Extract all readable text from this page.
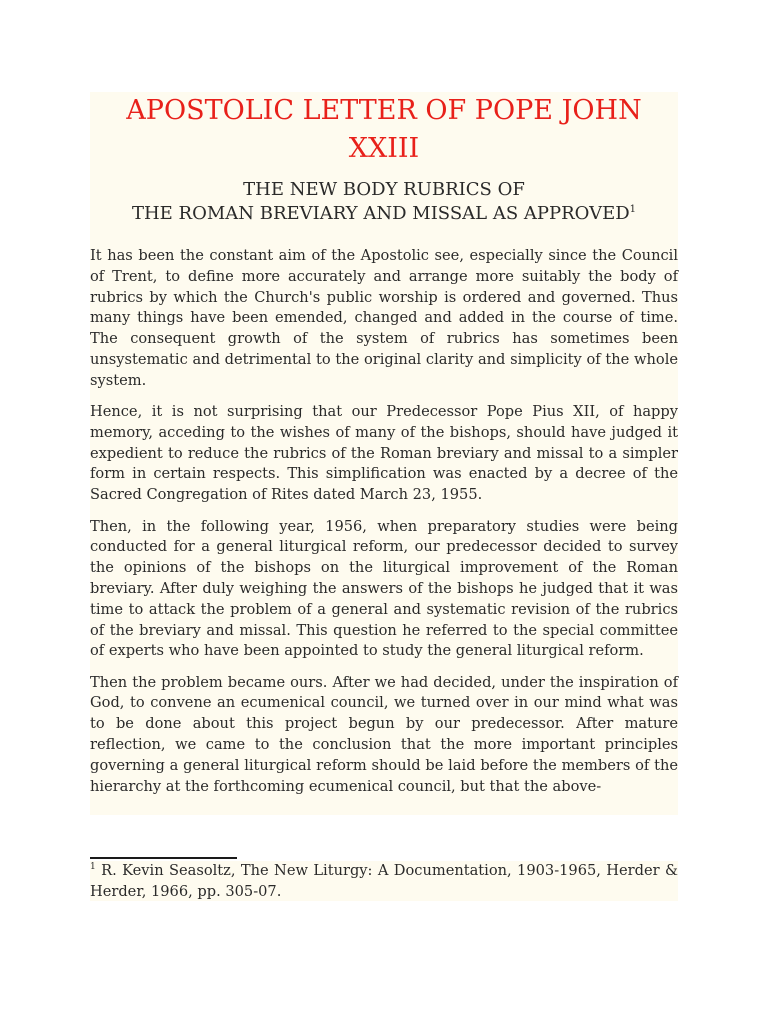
APOSTOLIC LETTER OF POPE JOHN XXIII
THE NEW BODY RUBRICS OF
THE ROMAN BREVIARY AND MISSAL AS APPROVED$^1$

It has been the constant aim of the Apostolic see, especially since the Council of Trent, to define more accurately and arrange more suitably the body of rubrics by which the Church's public worship is ordered and governed. Thus many things have been emended, changed and added in the course of time. The consequent growth of the system of rubrics has sometimes been unsystematic and detrimental to the original clarity and simplicity of the whole system.

Hence, it is not surprising that our Predecessor Pope Pius XII, of happy memory, acceding to the wishes of many of the bishops, should have judged it expedient to reduce the rubrics of the Roman breviary and missal to a simpler form in certain respects. This simplification was enacted by a decree of the Sacred Congregation of Rites dated March 23, 1955.

Then, in the following year, 1956, when preparatory studies were being conducted for a general liturgical reform, our predecessor decided to survey the opinions of the bishops on the liturgical improvement of the Roman breviary. After duly weighing the answers of the bishops he judged that it was time to attack the problem of a general and systematic revision of the rubrics of the breviary and missal. This question he referred to the special committee of experts who have been appointed to study the general liturgical reform.

Then the problem became ours. After we had decided, under the inspiration of God, to convene an ecumenical council, we turned over in our mind what was to be done about this project begun by our predecessor. After mature reflection, we came to the conclusion that the more important principles governing a general liturgical reform should be laid before the members of the hierarchy at the forthcoming ecumenical council, but that the above-

$^1$ R. Kevin Seasoltz, The New Liturgy: A Documentation, 1903-1965, Herder & Herder, 1966, pp. 305-07.
